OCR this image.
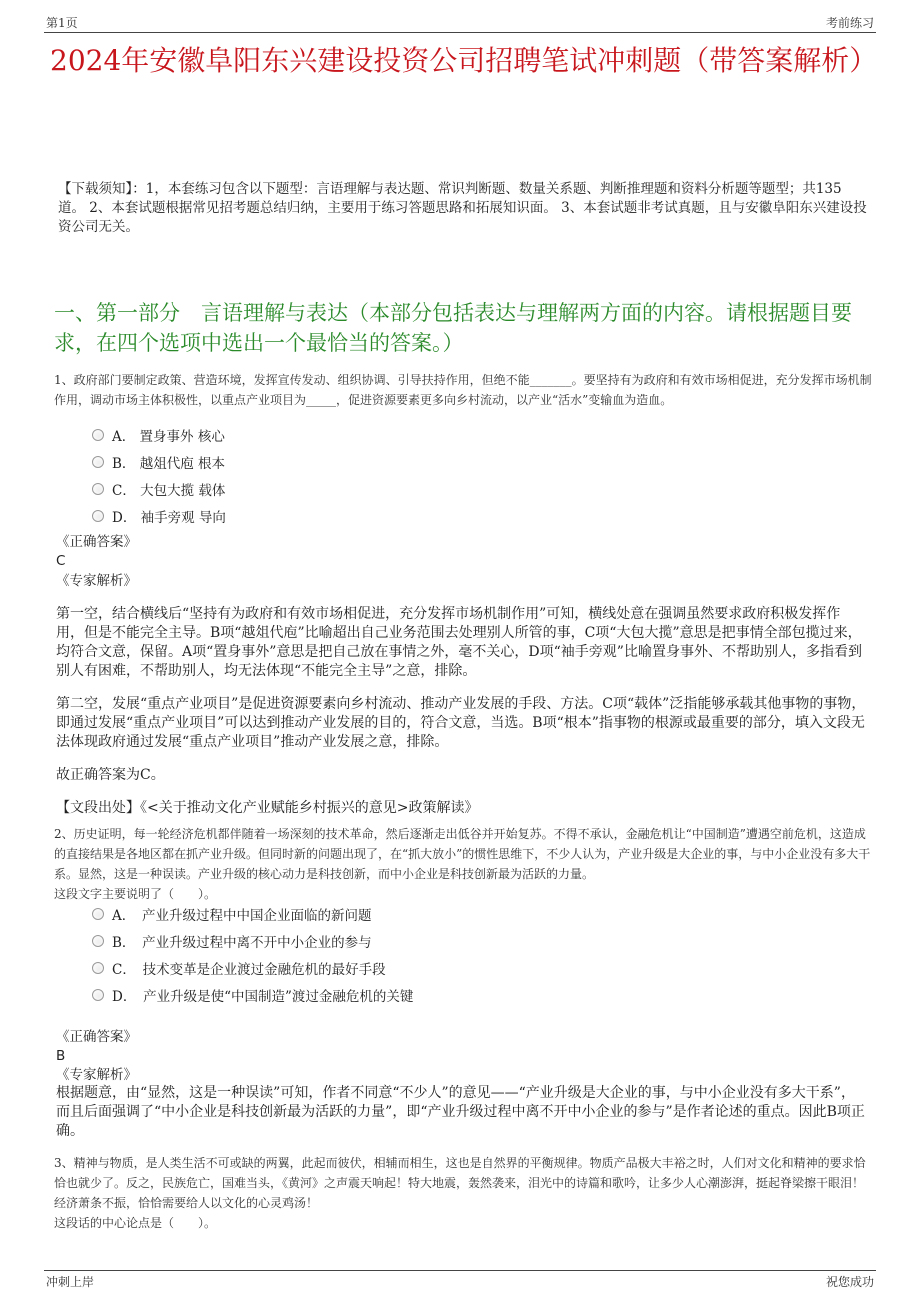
第1页	考前练习
2024年安徽阜阳东兴建设投资公司招聘笔试冲刺题（带答案解析）
【下载须知】：1，本套练习包含以下题型：言语理解与表达题、常识判断题、数量关系题、判断推理题和资料分析题等题型；共135道。 2、本套试题根据常见招考题总结归纳，主要用于练习答题思路和拓展知识面。 3、本套试题非考试真题，且与安徽阜阳东兴建设投资公司无关。
一、第一部分　言语理解与表达（本部分包括表达与理解两方面的内容。请根据题目要求，在四个选项中选出一个最恰当的答案。）
1、政府部门要制定政策、营造环境，发挥宣传发动、组织协调、引导扶持作用，但绝不能_______。要坚持有为政府和有效市场相促进，充分发挥市场机制作用，调动市场主体积极性，以重点产业项目为_____，促进资源要素更多向乡村流动，以产业“活水”变输血为造血。
A． 置身事外 核心
B． 越俎代庖 根本
C． 大包大揽 载体
D． 袖手旁观 导向
《正确答案》
C
《专家解析》

第一空，结合横线后“坚持有为政府和有效市场相促进，充分发挥市场机制作用”可知，横线处意在强调虽然要求政府积极发挥作用，但是不能完全主导。B项“越俎代庖”比喻超出自己业务范围去处理别人所管的事，C项“大包大揽”意思是把事情全部包揽过来，均符合文意，保留。A项“置身事外”意思是把自己放在事情之外，毫不关心，D项“袖手旁观”比喻置身事外、不帮助别人，多指看到别人有困难，不帮助别人，均无法体现“不能完全主导”之意，排除。

第二空，发展“重点产业项目”是促进资源要素向乡村流动、推动产业发展的手段、方法。C项“载体”泛指能够承载其他事物的事物，即通过发展“重点产业项目”可以达到推动产业发展的目的，符合文意，当选。B项“根本”指事物的根源或最重要的部分，填入文段无法体现政府通过发展“重点产业项目”推动产业发展之意，排除。

故正确答案为C。

【文段出处】《<关于推动文化产业赋能乡村振兴的意见>政策解读》

2、历史证明，每一轮经济危机都伴随着一场深刻的技术革命，然后逐渐走出低谷并开始复苏。不得不承认，金融危机让“中国制造”遭遇空前危机，这造成的直接结果是各地区都在抓产业升级。但同时新的问题出现了，在“抓大放小”的惯性思维下，不少人认为，产业升级是大企业的事，与中小企业没有多大干系。显然，这是一种误读。产业升级的核心动力是科技创新，而中小企业是科技创新最为活跃的力量。
这段文字主要说明了（　　）。
A．　产业升级过程中中国企业面临的新问题
B．　产业升级过程中离不开中小企业的参与
C．　技术变革是企业渡过金融危机的最好手段
D．　产业升级是使“中国制造”渡过金融危机的关键
《正确答案》
B
《专家解析》
根据题意，由“显然，这是一种误读”可知，作者不同意“不少人”的意见——“产业升级是大企业的事，与中小企业没有多大干系”，而且后面强调了“中小企业是科技创新最为活跃的力量”，即“产业升级过程中离不开中小企业的参与”是作者论述的重点。因此B项正确。
3、精神与物质，是人类生活不可或缺的两翼，此起而彼伏，相辅而相生，这也是自然界的平衡规律。物质产品极大丰裕之时，人们对文化和精神的要求恰恰也就少了。反之，民族危亡，国难当头，《黄河》之声震天响起！特大地震，轰然袭来，泪光中的诗篇和歌吟，让多少人心潮澎湃，挺起脊梁擦干眼泪！经济萧条不振，恰恰需要给人以文化的心灵鸡汤！
这段话的中心论点是（　　）。
冲刺上岸	祝您成功
